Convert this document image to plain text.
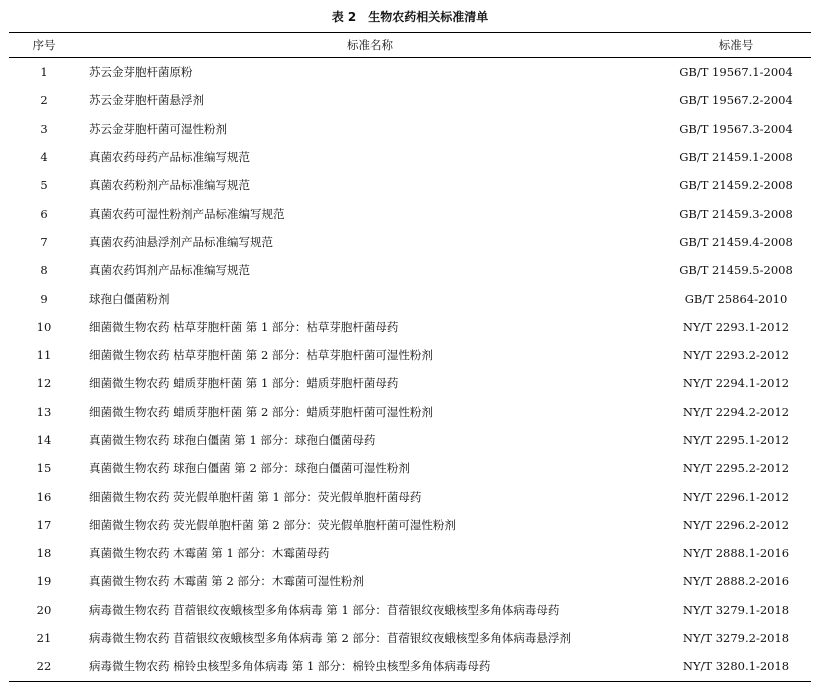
表 2　生物农药相关标准清单
序号	标准名称	标准号
1	苏云金芽胞杆菌原粉	GB/T 19567.1-2004
2	苏云金芽胞杆菌悬浮剂	GB/T 19567.2-2004
3	苏云金芽胞杆菌可湿性粉剂	GB/T 19567.3-2004
4	真菌农药母药产品标准编写规范	GB/T 21459.1-2008
5	真菌农药粉剂产品标准编写规范	GB/T 21459.2-2008
6	真菌农药可湿性粉剂产品标准编写规范	GB/T 21459.3-2008
7	真菌农药油悬浮剂产品标准编写规范	GB/T 21459.4-2008
8	真菌农药饵剂产品标准编写规范	GB/T 21459.5-2008
9	球孢白僵菌粉剂	GB/T 25864-2010
10	细菌微生物农药 枯草芽胞杆菌 第 1 部分：枯草芽胞杆菌母药	NY/T 2293.1-2012
11	细菌微生物农药 枯草芽胞杆菌 第 2 部分：枯草芽胞杆菌可湿性粉剂	NY/T 2293.2-2012
12	细菌微生物农药 蜡质芽胞杆菌 第 1 部分：蜡质芽胞杆菌母药	NY/T 2294.1-2012
13	细菌微生物农药 蜡质芽胞杆菌 第 2 部分：蜡质芽胞杆菌可湿性粉剂	NY/T 2294.2-2012
14	真菌微生物农药 球孢白僵菌 第 1 部分：球孢白僵菌母药	NY/T 2295.1-2012
15	真菌微生物农药 球孢白僵菌 第 2 部分：球孢白僵菌可湿性粉剂	NY/T 2295.2-2012
16	细菌微生物农药 荧光假单胞杆菌 第 1 部分：荧光假单胞杆菌母药	NY/T 2296.1-2012
17	细菌微生物农药 荧光假单胞杆菌 第 2 部分：荧光假单胞杆菌可湿性粉剂	NY/T 2296.2-2012
18	真菌微生物农药 木霉菌 第 1 部分：木霉菌母药	NY/T 2888.1-2016
19	真菌微生物农药 木霉菌 第 2 部分：木霉菌可湿性粉剂	NY/T 2888.2-2016
20	病毒微生物农药 苜蓿银纹夜蛾核型多角体病毒 第 1 部分：苜蓿银纹夜蛾核型多角体病毒母药	NY/T 3279.1-2018
21	病毒微生物农药 苜蓿银纹夜蛾核型多角体病毒 第 2 部分：苜蓿银纹夜蛾核型多角体病毒悬浮剂	NY/T 3279.2-2018
22	病毒微生物农药 棉铃虫核型多角体病毒 第 1 部分：棉铃虫核型多角体病毒母药	NY/T 3280.1-2018
